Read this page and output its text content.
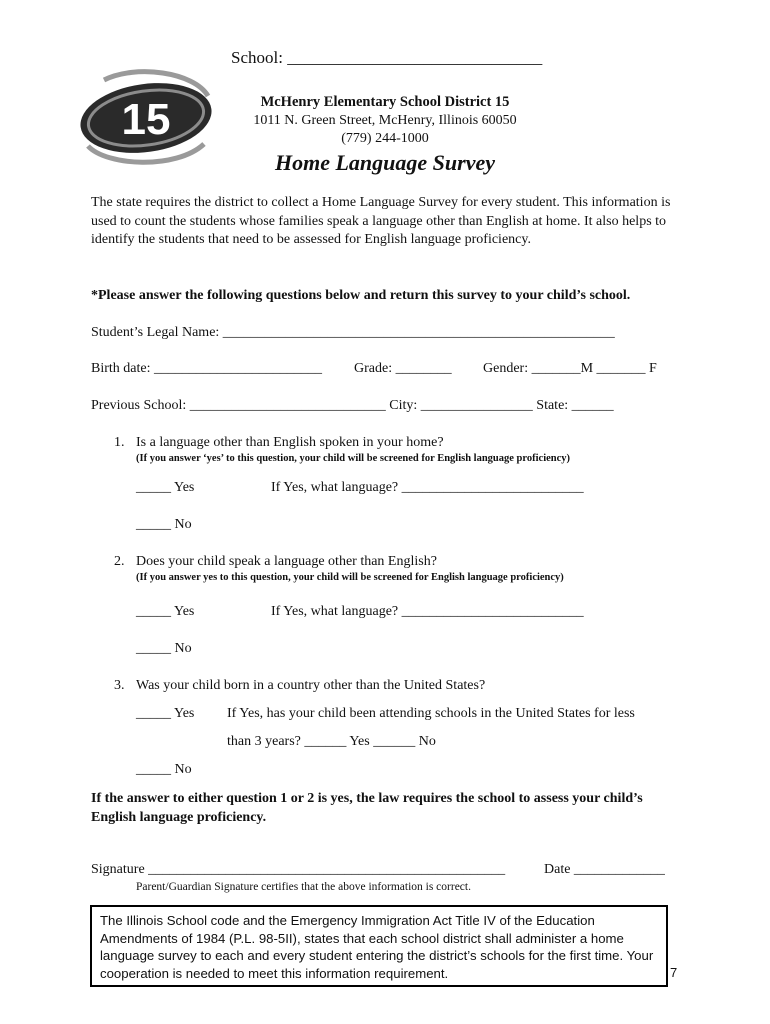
15
School: ______________________________
McHenry Elementary School District 15
1011 N. Green Street, McHenry, Illinois 60050
(779) 244-1000
Home Language Survey
The state requires the district to collect a Home Language Survey for every student. This information is used to count the students whose families speak a language other than English at home. It also helps to identify the students that need to be assessed for English language proficiency.
*Please answer the following questions below and return this survey to your child’s school.
Student’s Legal Name: ________________________________________________________
Birth date: ________________________ Grade: ________ Gender: _______M _______ F
Previous School: ____________________________ City: ________________ State: ______
1. Is a language other than English spoken in your home?
(If you answer ‘yes’ to this question, your child will be screened for English language proficiency)
_____ Yes	If Yes, what language? __________________________
_____ No
2. Does your child speak a language other than English?
(If you answer yes to this question, your child will be screened for English language proficiency)
_____ Yes	If Yes, what language? __________________________
_____ No
3. Was your child born in a country other than the United States?
_____ Yes If Yes, has your child been attending schools in the United States for less
than 3 years? ______ Yes ______ No
_____ No
If the answer to either question 1 or 2 is yes, the law requires the school to assess your child’s English language proficiency.
Signature ___________________________________________________	Date _____________
Parent/Guardian Signature certifies that the above information is correct.
The Illinois School code and the Emergency Immigration Act Title IV of the Education Amendments of 1984 (P.L. 98-5II), states that each school district shall administer a home language survey to each and every student entering the district’s schools for the first time. Your cooperation is needed to meet this information requirement.	7
